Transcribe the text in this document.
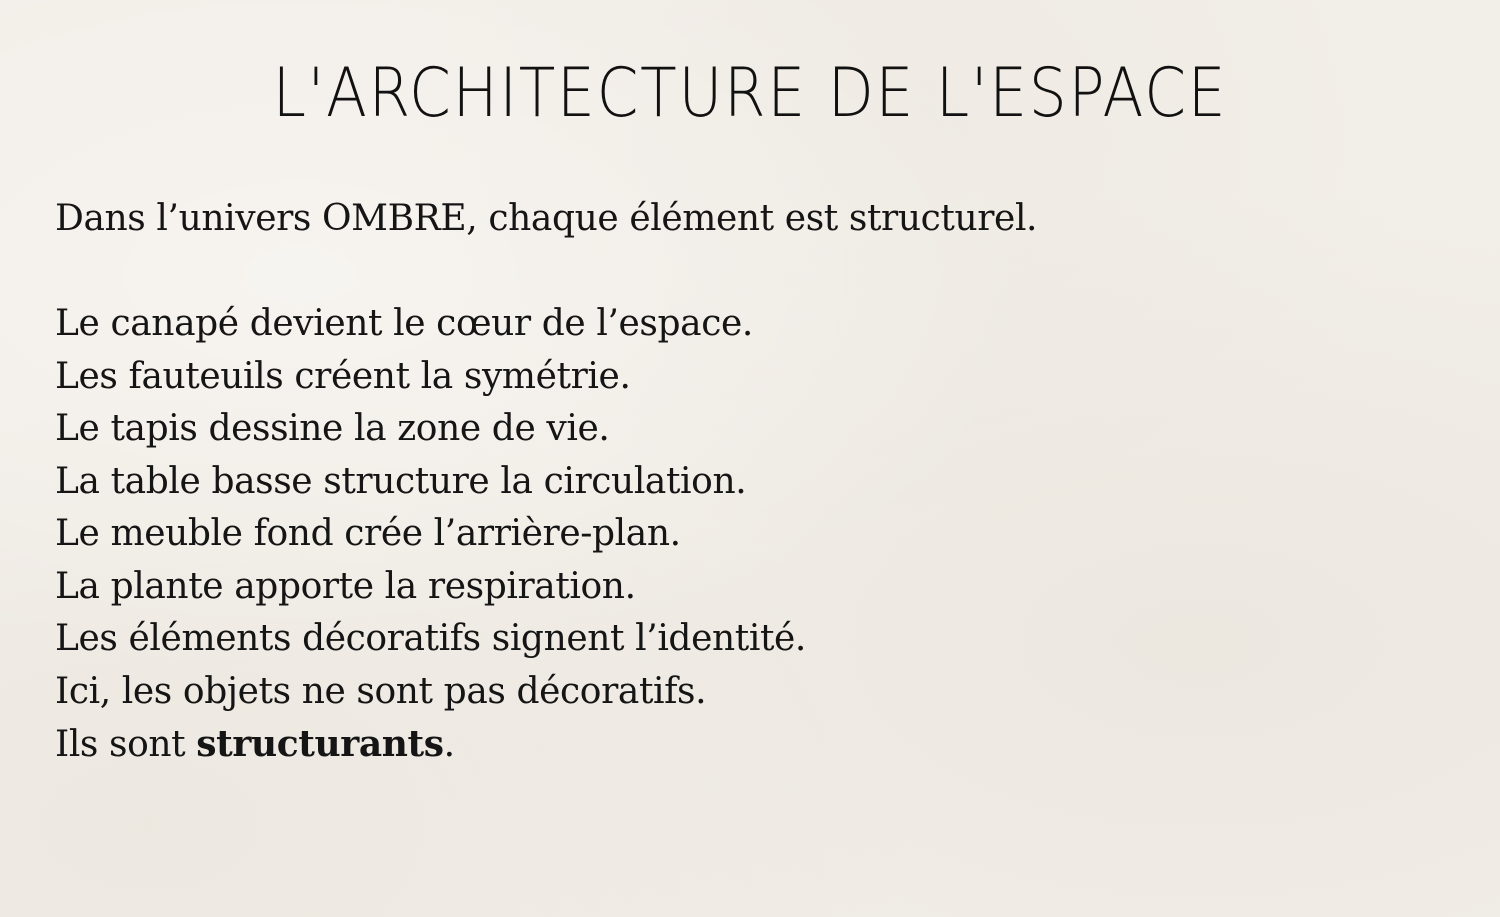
L'ARCHITECTURE DE L'ESPACE

Dans l’univers OMBRE, chaque élément est structurel.

Le canapé devient le cœur de l’espace.
Les fauteuils créent la symétrie.
Le tapis dessine la zone de vie.
La table basse structure la circulation.
Le meuble fond crée l’arrière-plan.
La plante apporte la respiration.
Les éléments décoratifs signent l’identité.
Ici, les objets ne sont pas décoratifs.
Ils sont structurants.
